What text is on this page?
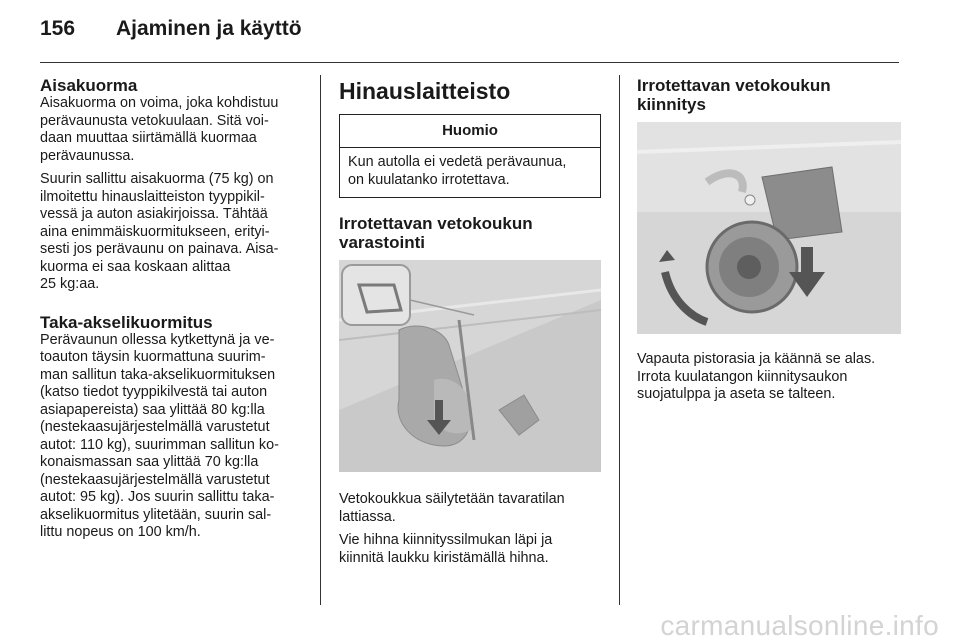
156	Ajaminen ja käyttö
Aisakuorma

Aisakuorma on voima, joka kohdistuu
perävaunusta vetokuulaan. Sitä voi-
daan muuttaa siirtämällä kuormaa
perävaunussa.

Suurin sallittu aisakuorma (75 kg) on
ilmoitettu hinauslaitteiston tyyppikil-
vessä ja auton asiakirjoissa. Tähtää
aina enimmäiskuormitukseen, erityi-
sesti jos perävaunu on painava. Aisa-
kuorma ei saa koskaan alittaa
25 kg:aa.

Taka-akselikuormitus

Perävaunun ollessa kytkettynä ja ve-
toauton täysin kuormattuna suurim-
man sallitun taka-akselikuormituksen
(katso tiedot tyyppikilvestä tai auton
asiapapereista) saa ylittää 80 kg:lla
(nestekaasujärjestelmällä varustetut
autot: 110 kg), suurimman sallitun ko-
konaismassan saa ylittää 70 kg:lla
(nestekaasujärjestelmällä varustetut
autot: 95 kg). Jos suurin sallittu taka-
akselikuormitus ylitetään, suurin sal-
littu nopeus on 100 km/h.

Hinauslaitteisto
Huomio
Kun autolla ei vedetä perävaunua,
on kuulatanko irrotettava.
Irrotettavan vetokoukun
varastointi

Vetokoukkua säilytetään tavaratilan
lattiassa.

Vie hihna kiinnityssilmukan läpi ja
kiinnitä laukku kiristämällä hihna.

Irrotettavan vetokoukun
kiinnitys

Vapauta pistorasia ja käännä se alas.
Irrota kuulatangon kiinnitysaukon
suojatulppa ja aseta se talteen.

carmanualsonline.info
